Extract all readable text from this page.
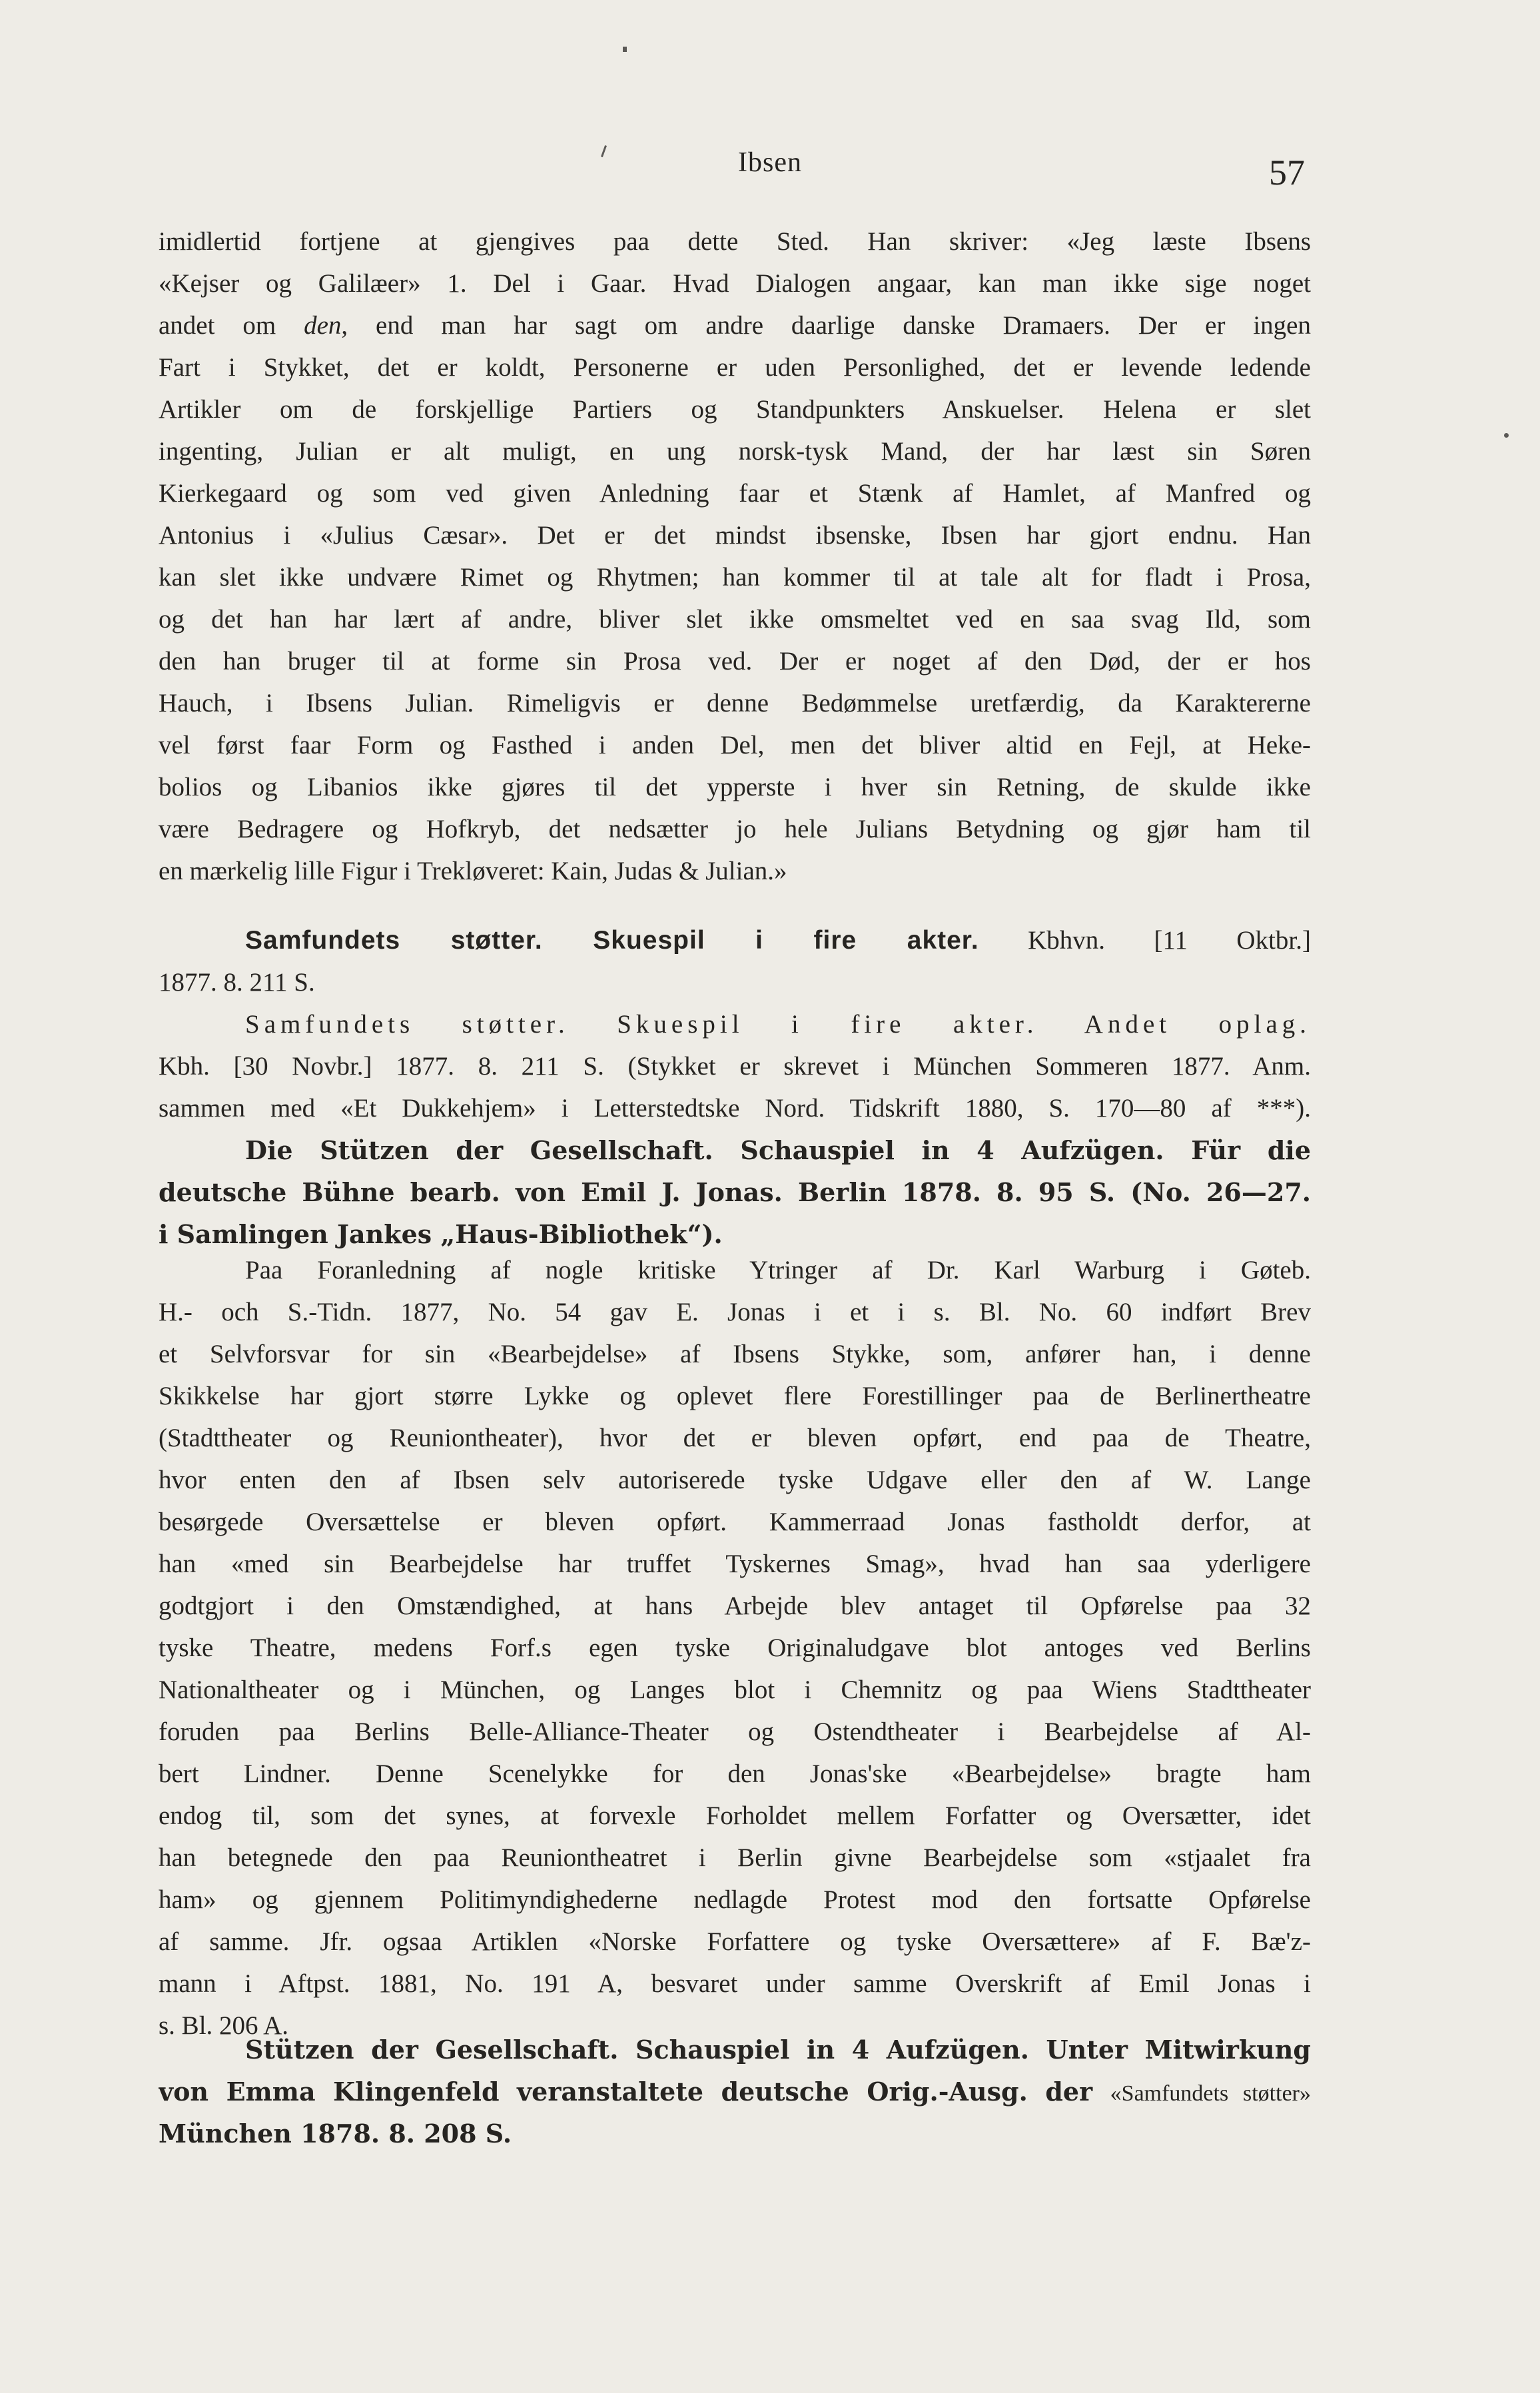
Ibsen	57
imidlertid fortjene at gjengives paa dette Sted. Han skriver: «Jeg læste Ibsens
«Kejser og Galilæer» 1. Del i Gaar. Hvad Dialogen angaar, kan man ikke sige noget
andet om den, end man har sagt om andre daarlige danske Dramaers. Der er ingen
Fart i Stykket, det er koldt, Personerne er uden Personlighed, det er levende ledende
Artikler om de forskjellige Partiers og Standpunkters Anskuelser. Helena er slet
ingenting, Julian er alt muligt, en ung norsk-tysk Mand, der har læst sin Søren
Kierkegaard og som ved given Anledning faar et Stænk af Hamlet, af Manfred og
Antonius i «Julius Cæsar». Det er det mindst ibsenske, Ibsen har gjort endnu. Han
kan slet ikke undvære Rimet og Rhytmen; han kommer til at tale alt for fladt i Prosa,
og det han har lært af andre, bliver slet ikke omsmeltet ved en saa svag Ild, som
den han bruger til at forme sin Prosa ved. Der er noget af den Død, der er hos
Hauch, i Ibsens Julian. Rimeligvis er denne Bedømmelse uretfærdig, da Karaktererne
vel først faar Form og Fasthed i anden Del, men det bliver altid en Fejl, at Heke-
bolios og Libanios ikke gjøres til det ypperste i hver sin Retning, de skulde ikke
være Bedragere og Hofkryb, det nedsætter jo hele Julians Betydning og gjør ham til
en mærkelig lille Figur i Trekløveret: Kain, Judas & Julian.»
Samfundets støtter. Skuespil i fire akter. Kbhvn. [11 Oktbr.]
1877. 8. 211 S.
Samfundets støtter. Skuespil i fire akter. Andet oplag.
Kbh. [30 Novbr.] 1877. 8. 211 S. (Stykket er skrevet i München Sommeren 1877. Anm.
sammen med «Et Dukkehjem» i Letterstedtske Nord. Tidskrift 1880, S. 170—80 af ***).
Die Stützen der Gesellschaft. Schauspiel in 4 Aufzügen. Für die
deutsche Bühne bearb. von Emil J. Jonas. Berlin 1878. 8. 95 S. (No. 26—27.
i Samlingen Jankes „Haus-Bibliothek“).
Paa Foranledning af nogle kritiske Ytringer af Dr. Karl Warburg i Gøteb.
H.- och S.-Tidn. 1877, No. 54 gav E. Jonas i et i s. Bl. No. 60 indført Brev
et Selvforsvar for sin «Bearbejdelse» af Ibsens Stykke, som, anfører han, i denne
Skikkelse har gjort større Lykke og oplevet flere Forestillinger paa de Berlinertheatre
(Stadttheater og Reuniontheater), hvor det er bleven opført, end paa de Theatre,
hvor enten den af Ibsen selv autoriserede tyske Udgave eller den af W. Lange
besørgede Oversættelse er bleven opført. Kammerraad Jonas fastholdt derfor, at
han «med sin Bearbejdelse har truffet Tyskernes Smag», hvad han saa yderligere
godtgjort i den Omstændighed, at hans Arbejde blev antaget til Opførelse paa 32
tyske Theatre, medens Forf.s egen tyske Originaludgave blot antoges ved Berlins
Nationaltheater og i München, og Langes blot i Chemnitz og paa Wiens Stadttheater
foruden paa Berlins Belle-Alliance-Theater og Ostendtheater i Bearbejdelse af Al-
bert Lindner. Denne Scenelykke for den Jonas'ske «Bearbejdelse» bragte ham
endog til, som det synes, at forvexle Forholdet mellem Forfatter og Oversætter, idet
han betegnede den paa Reuniontheatret i Berlin givne Bearbejdelse som «stjaalet fra
ham» og gjennem Politimyndighederne nedlagde Protest mod den fortsatte Opførelse
af samme. Jfr. ogsaa Artiklen «Norske Forfattere og tyske Oversættere» af F. Bæ'z-
mann i Aftpst. 1881, No. 191 A, besvaret under samme Overskrift af Emil Jonas i
s. Bl. 206 A.
Stützen der Gesellschaft. Schauspiel in 4 Aufzügen. Unter Mitwirkung
von Emma Klingenfeld veranstaltete deutsche Orig.-Ausg. der «Samfundets støtter»
München 1878. 8. 208 S.
